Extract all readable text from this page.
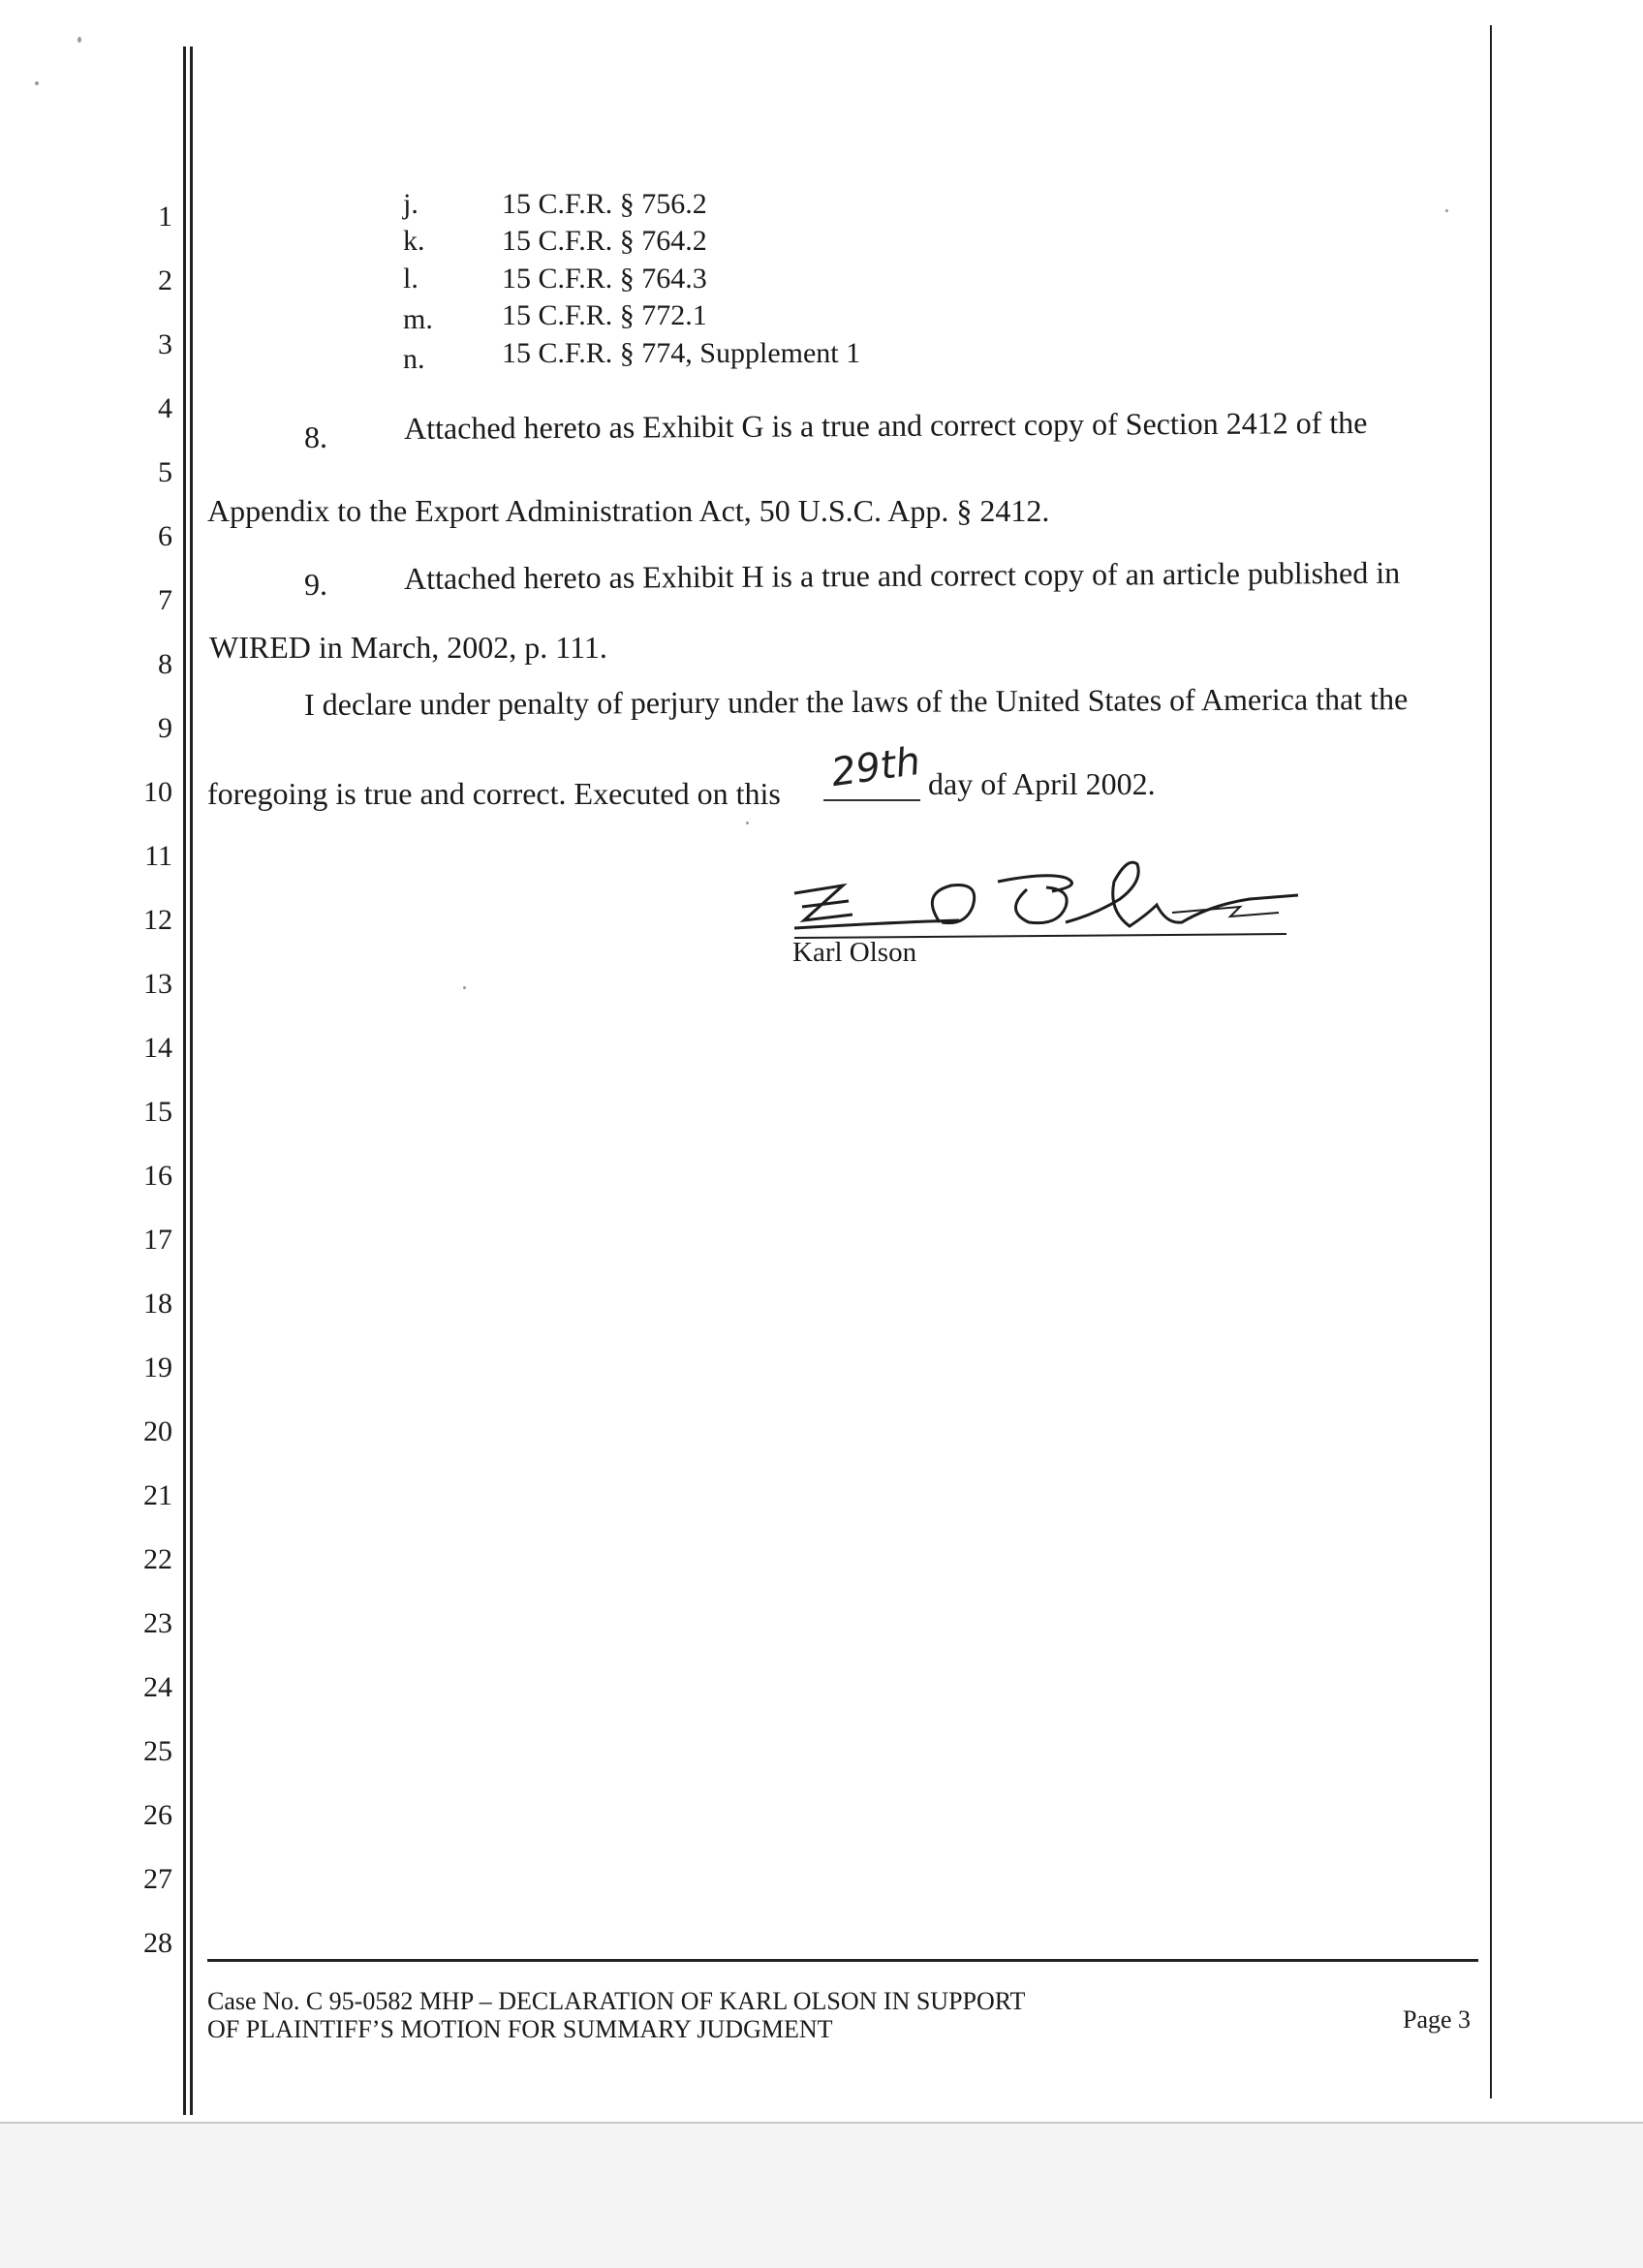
1
2
3
4
5
6
7
8
9
10
11
12
13
14
15
16
17
18
19
20
21
22
23
24
25
26
27
28
j.	15 C.F.R. § 756.2
k.	15 C.F.R. § 764.2
l.	15 C.F.R. § 764.3
m. 15 C.F.R. § 772.1
n.	15 C.F.R. § 774, Supplement 1
8. Attached hereto as Exhibit G is a true and correct copy of Section 2412 of the
Appendix to the Export Administration Act, 50 U.S.C. App. § 2412.
9. Attached hereto as Exhibit H is a true and correct copy of an article published in
WIRED in March, 2002, p. 111.
I declare under penalty of perjury under the laws of the United States of America that the
foregoing is true and correct. Executed on this 29th day of April 2002.
Karl Olson
Case No. C 95-0582 MHP – DECLARATION OF KARL OLSON IN SUPPORT
OF PLAINTIFF’S MOTION FOR SUMMARY JUDGMENT	Page 3
